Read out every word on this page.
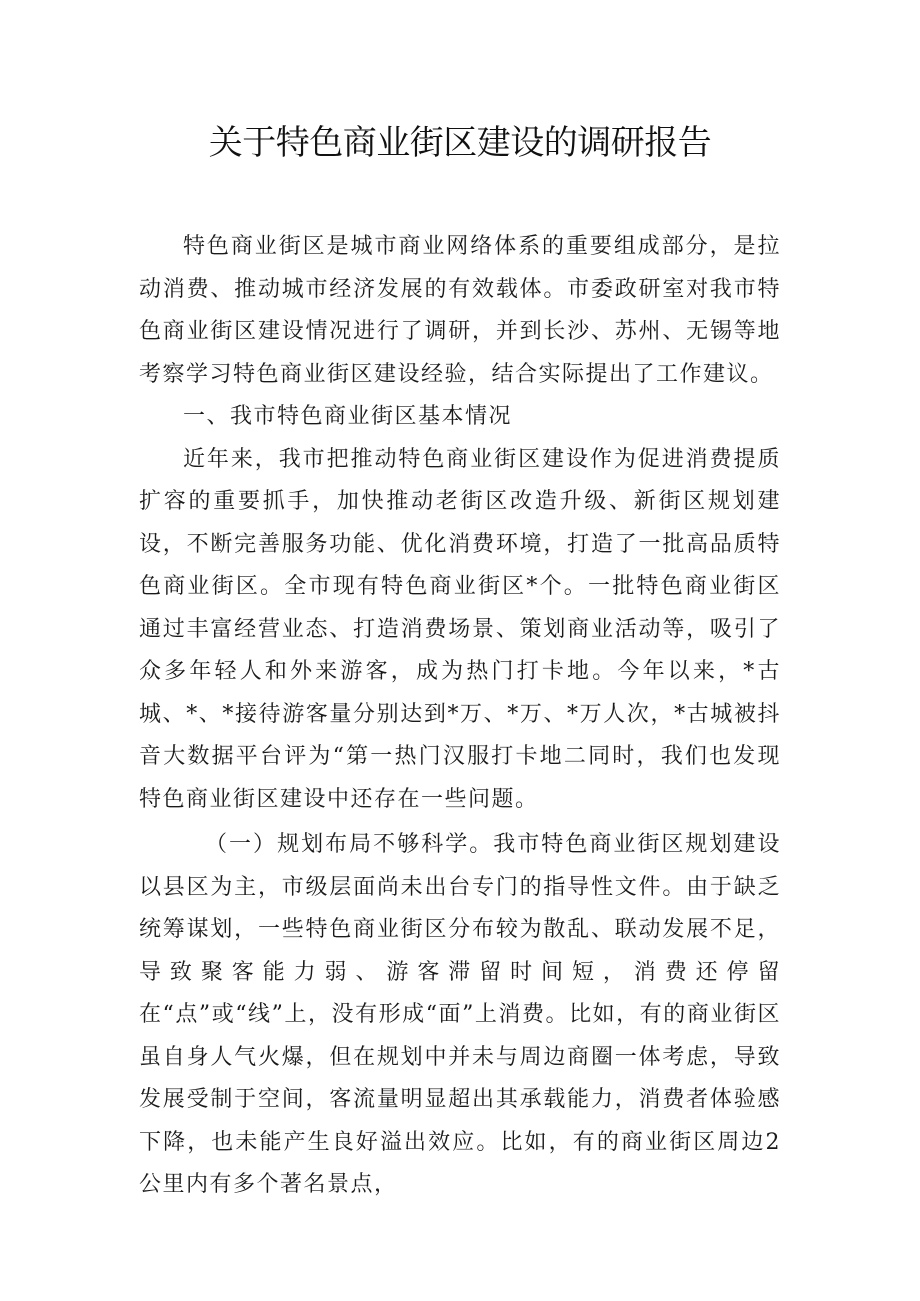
关于特色商业街区建设的调研报告

特色商业街区是城市商业网络体系的重要组成部分，是拉动消费、推动城市经济发展的有效载体。市委政研室对我市特色商业街区建设情况进行了调研，并到长沙、苏州、无锡等地考察学习特色商业街区建设经验，结合实际提出了工作建议。

一、我市特色商业街区基本情况

近年来，我市把推动特色商业街区建设作为促进消费提质扩容的重要抓手，加快推动老街区改造升级、新街区规划建设，不断完善服务功能、优化消费环境，打造了一批高品质特色商业街区。全市现有特色商业街区*个。一批特色商业街区通过丰富经营业态、打造消费场景、策划商业活动等，吸引了众多年轻人和外来游客，成为热门打卡地。今年以来，*古城、*、*接待游客量分别达到*万、*万、*万人次，*古城被抖音大数据平台评为“第一热门汉服打卡地二同时，我们也发现特色商业街区建设中还存在一些问题。

（一）规划布局不够科学。我市特色商业街区规划建设以县区为主，市级层面尚未出台专门的指导性文件。由于缺乏统筹谋划，一些特色商业街区分布较为散乱、联动发展不足，导致聚客能力弱、游客滞留时间短，消费还停留在“点”或“线”上，没有形成“面”上消费。比如，有的商业街区虽自身人气火爆，但在规划中并未与周边商圈一体考虑，导致发展受制于空间，客流量明显超出其承载能力，消费者体验感下降，也未能产生良好溢出效应。比如，有的商业街区周边2公里内有多个著名景点，
